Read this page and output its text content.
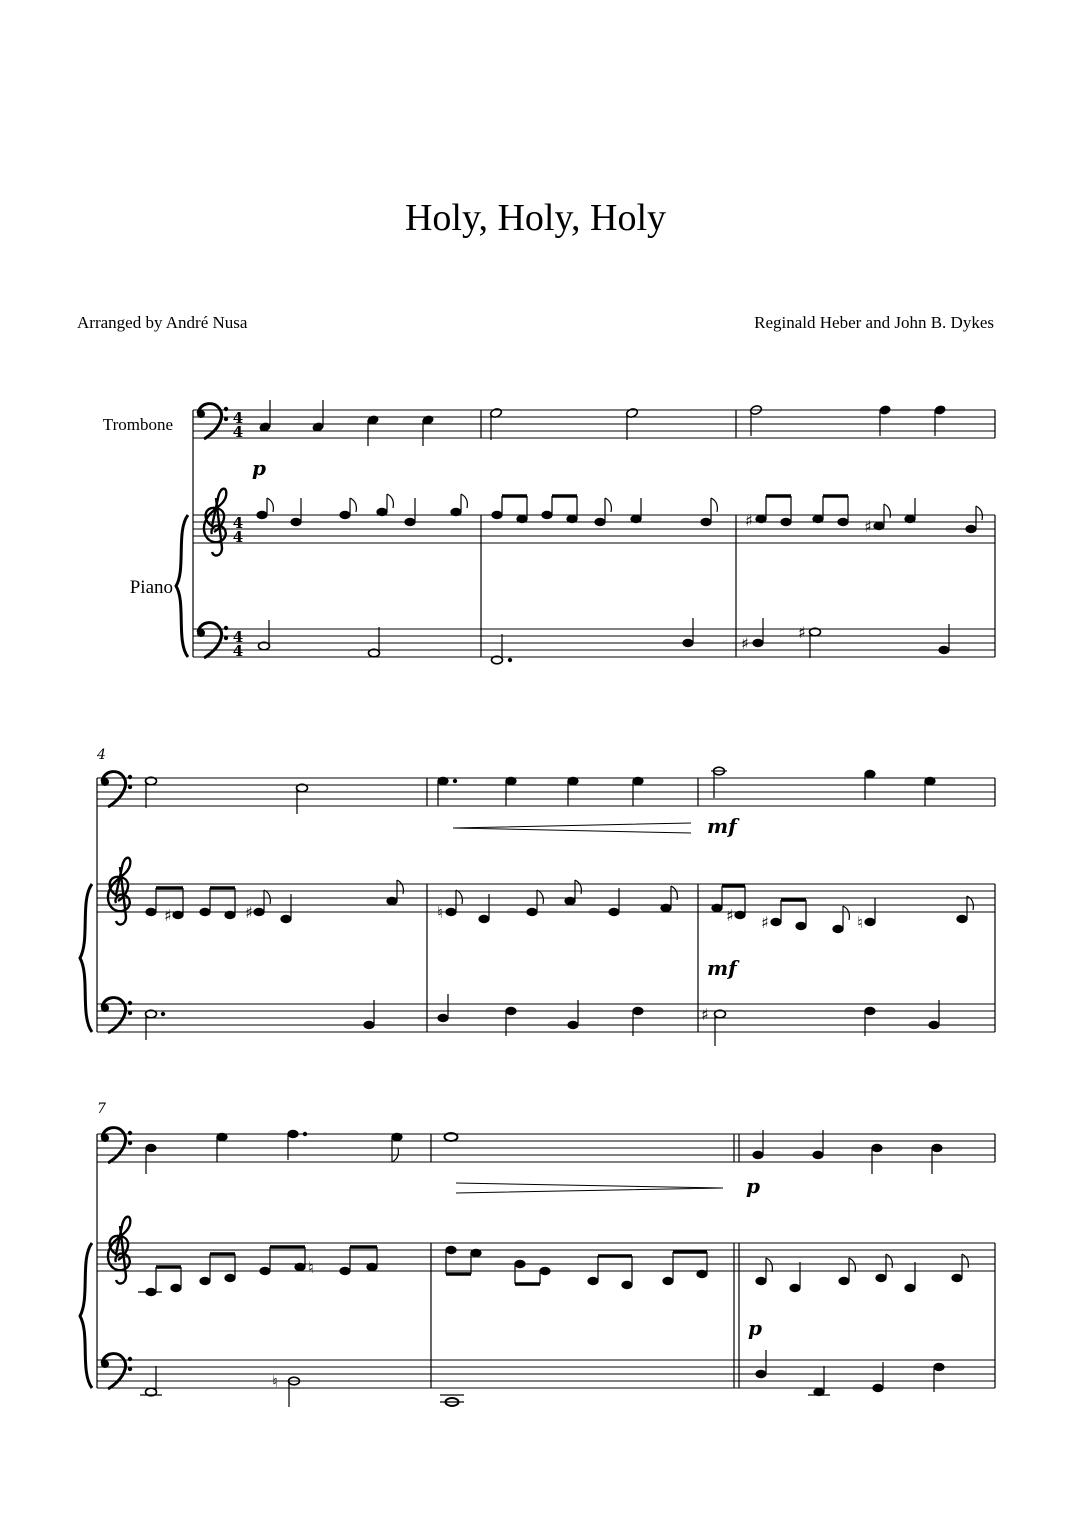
Holy, Holy, Holy
Arranged by André Nusa	Reginald Heber and John B. Dykes
Trombone
Piano
4
4
4
4
4
4
p
♯	♯
♯
♯
4
mf
♯	♯	♮	♯ ♯	♮
mf
♯
7
p
♮
p
♮
